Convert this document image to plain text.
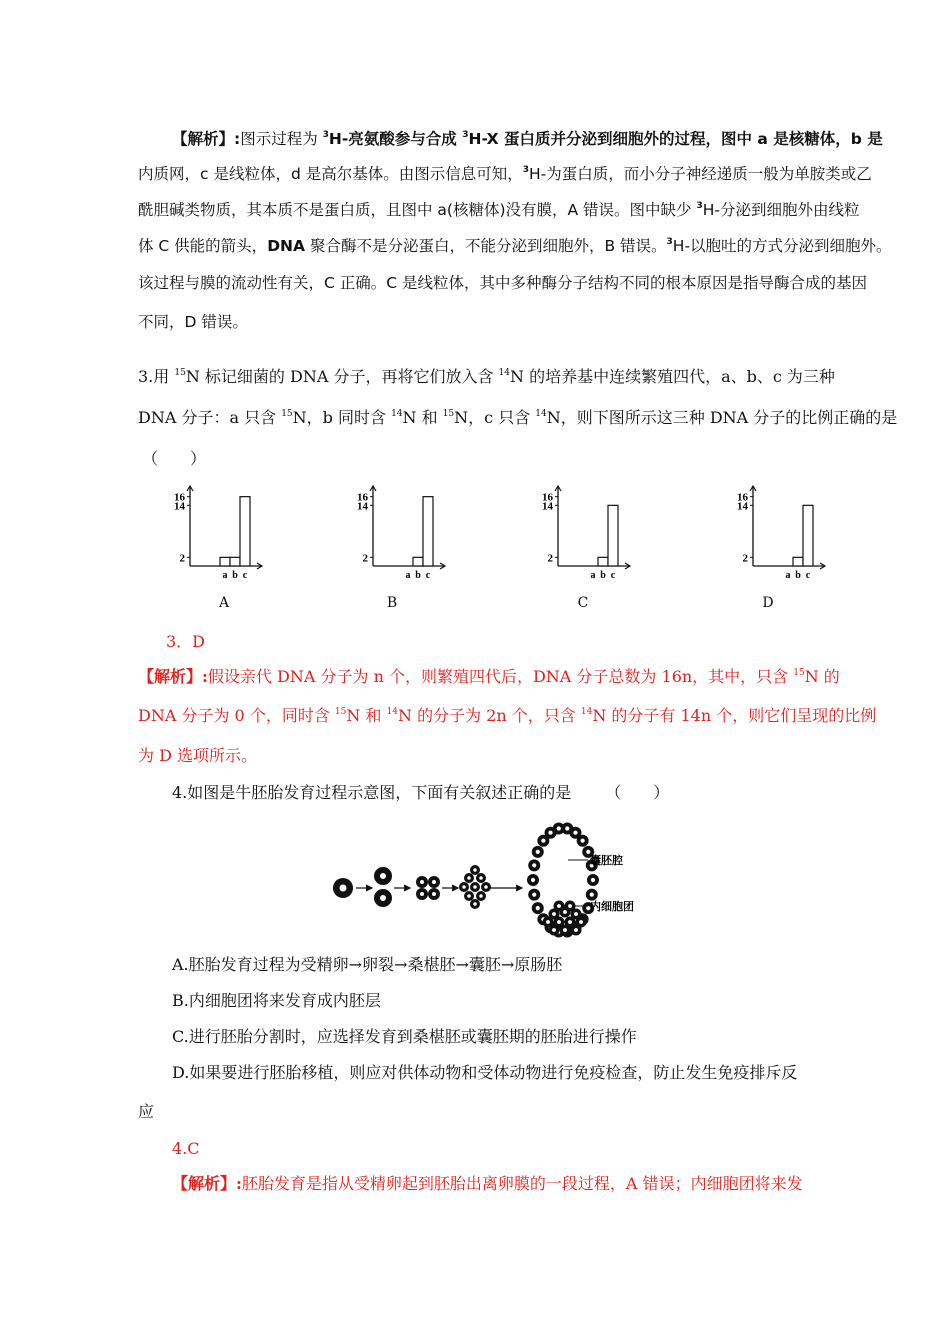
【解析】:图示过程为 $^3$H-亮氨酸参与合成 $^3$H-X 蛋白质并分泌到细胞外的过程，图中 a 是核糖体，b 是
内质网，c 是线粒体，d 是高尔基体。由图示信息可知，$^3$H-为蛋白质，而小分子神经递质一般为单胺类或乙
酰胆碱类物质，其本质不是蛋白质，且图中 a(核糖体)没有膜，A 错误。图中缺少 $^3$H-分泌到细胞外由线粒
体 C 供能的箭头，DNA 聚合酶不是分泌蛋白，不能分泌到细胞外，B 错误。$^3$H-以胞吐的方式分泌到细胞外。
该过程与膜的流动性有关，C 正确。C 是线粒体，其中多种酶分子结构不同的根本原因是指导酶合成的基因
不同，D 错误。
3.用 $^{15}$N 标记细菌的 DNA 分子，再将它们放入含 $^{14}$N 的培养基中连续繁殖四代，a、b、c 为三种
DNA 分子：a 只含 $^{15}$N，b 同时含 $^{14}$N 和 $^{15}$N，c 只含 $^{14}$N，则下图所示这三种 DNA 分子的比例正确的是
（　　）
2
14
16
a b c
2
14
16
a b c
2
14
16
a b c
2
14
16
a b c
A	B	C	D
3．D
【解析】:假设亲代 DNA 分子为 n 个，则繁殖四代后，DNA 分子总数为 16n，其中，只含 $^{15}$N 的
DNA 分子为 0 个，同时含 $^{15}$N 和 $^{14}$N 的分子为 2n 个，只含 $^{14}$N 的分子有 14n 个，则它们呈现的比例
为 D 选项所示。
4.如图是牛胚胎发育过程示意图，下面有关叙述正确的是 （　　）
囊胚腔
内细胞团
A.胚胎发育过程为受精卵→卵裂→桑椹胚→囊胚→原肠胚
B.内细胞团将来发育成内胚层
C.进行胚胎分割时，应选择发育到桑椹胚或囊胚期的胚胎进行操作
D.如果要进行胚胎移植，则应对供体动物和受体动物进行免疫检查，防止发生免疫排斥反
应
4.C
【解析】:胚胎发育是指从受精卵起到胚胎出离卵膜的一段过程，A 错误；内细胞团将来发
